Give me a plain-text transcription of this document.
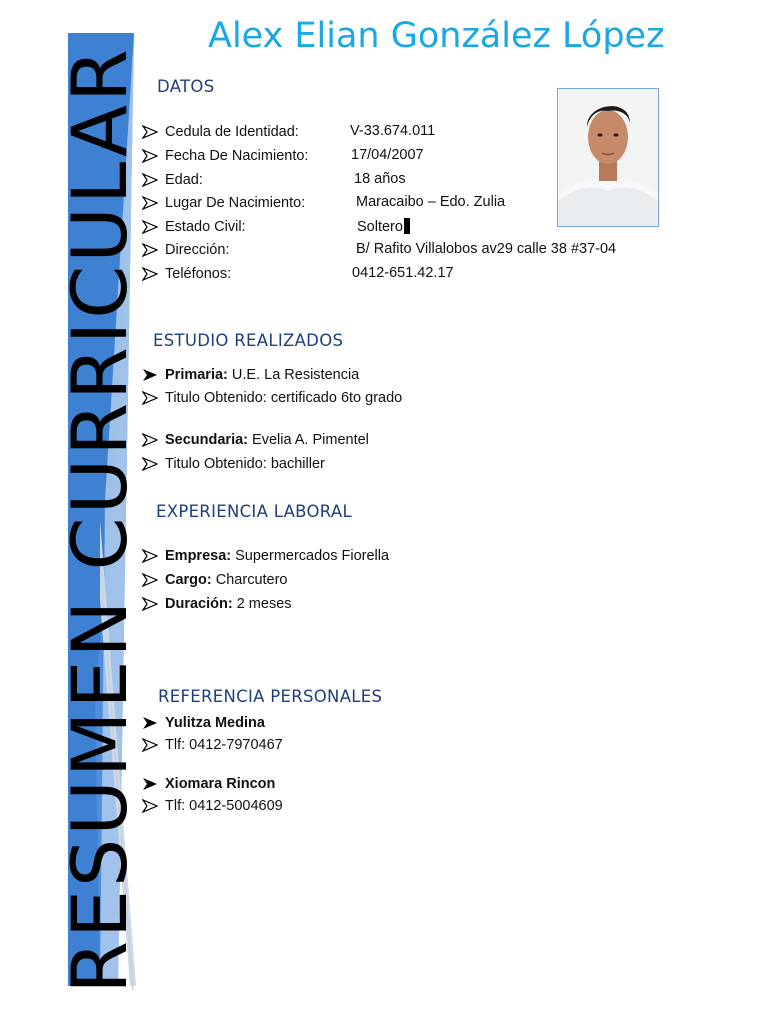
RESUMEN CURRICULAR
Alex Elian González López
DATOS
Cedula de Identidad:	V-33.674.011
Fecha De Nacimiento:	17/04/2007
Edad:	18 años
Lugar De Nacimiento:	Maracaibo – Edo. Zulia
Estado Civil:	Soltero
Dirección:	B/ Rafito Villalobos av29 calle 38 #37-04
Teléfonos:	0412-651.42.17
ESTUDIO REALIZADOS
Primaria:
U.E. La Resistencia
Titulo Obtenido: certificado 6to grado
Secundaria:
Evelia A. Pimentel
Titulo Obtenido: bachiller
EXPERIENCIA LABORAL
Empresa:
Supermercados Fiorella
Cargo:
Charcutero
Duración:
2 meses
REFERENCIA PERSONALES
Yulitza Medina
Tlf: 0412-7970467
Xiomara Rincon
Tlf: 0412-5004609
